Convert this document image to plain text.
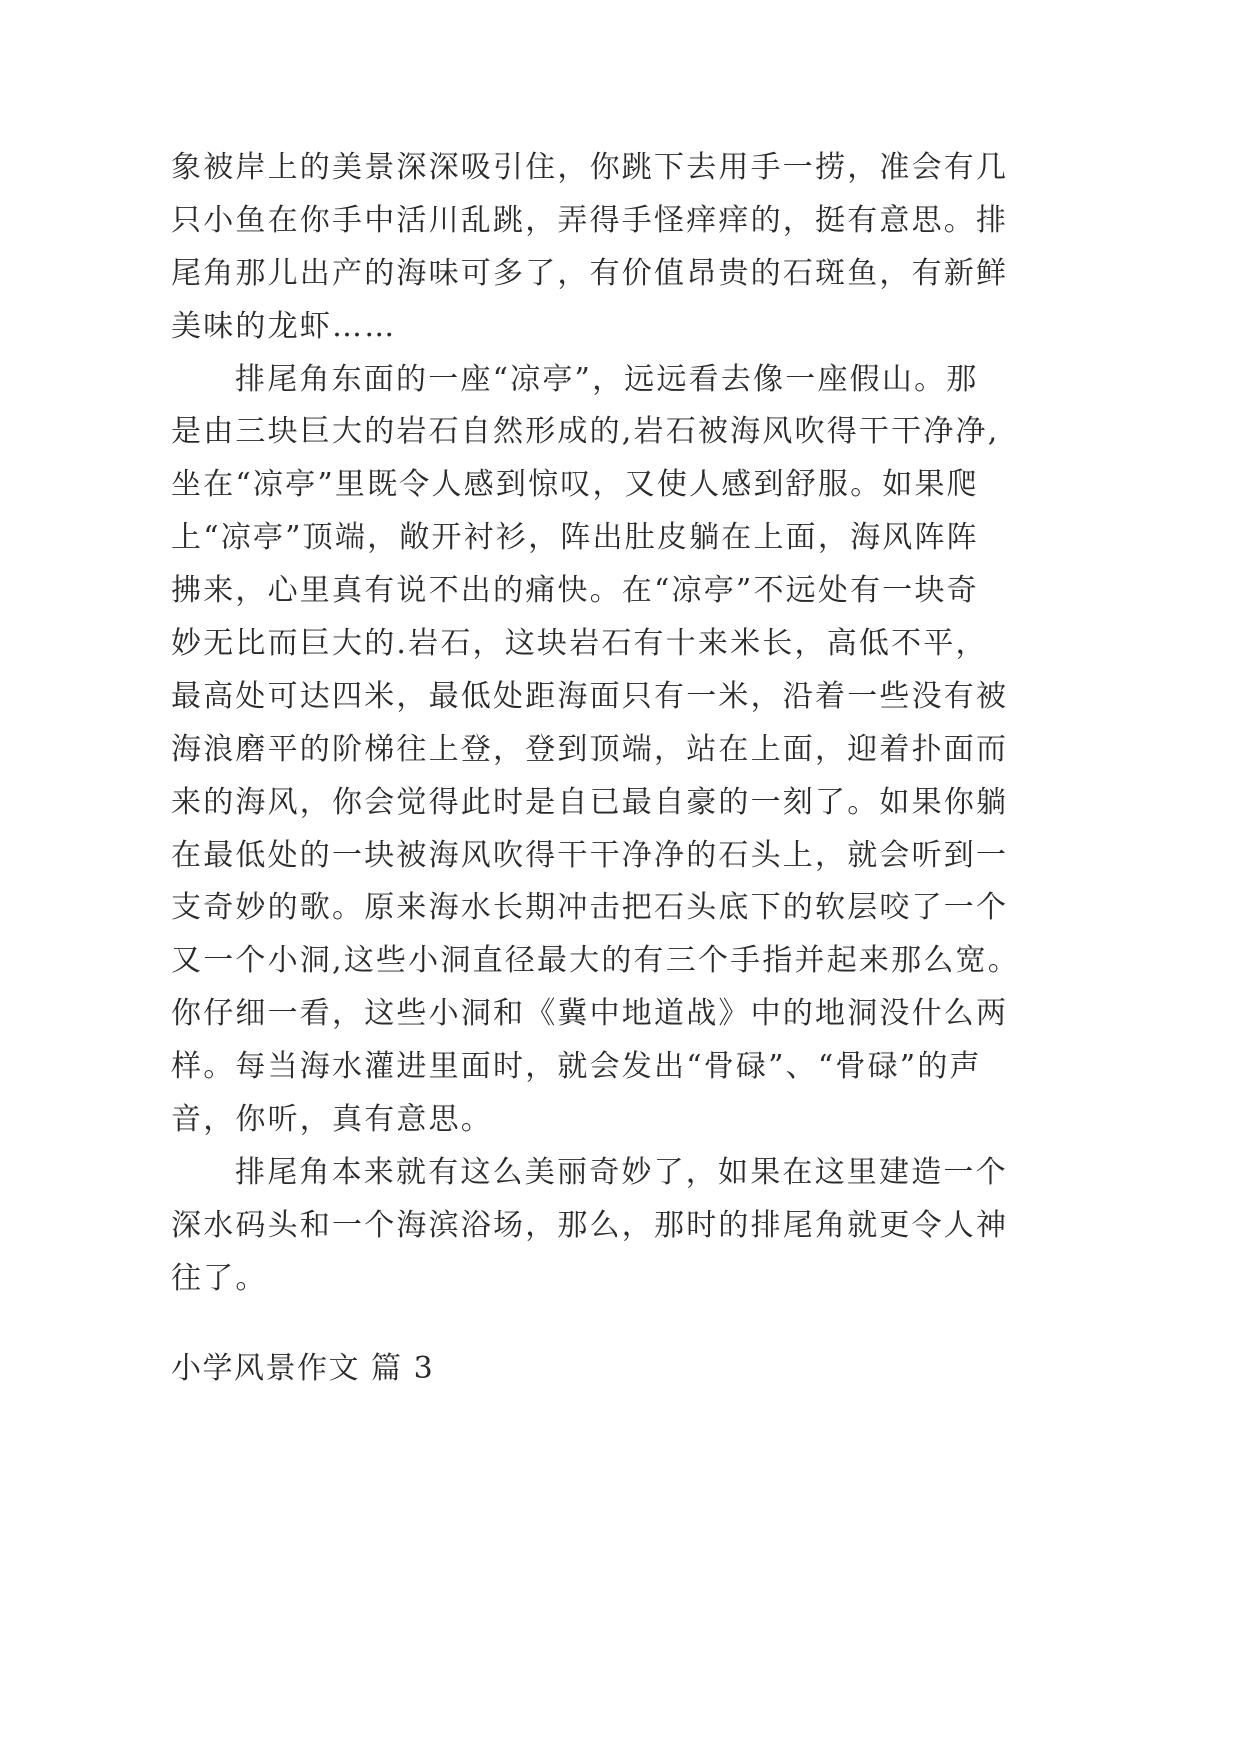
象被岸上的美景深深吸引住，你跳下去用手一捞，准会有几
只小鱼在你手中活川乱跳，弄得手怪痒痒的，挺有意思。排
尾角那儿出产的海味可多了，有价值昂贵的石斑鱼，有新鲜
美味的龙虾……
排尾角东面的一座“凉亭”，远远看去像一座假山。那
是由三块巨大的岩石自然形成的,岩石被海风吹得干干净净,
坐在“凉亭”里既令人感到惊叹，又使人感到舒服。如果爬
上“凉亭”顶端，敞开衬衫，阵出肚皮躺在上面，海风阵阵
拂来，心里真有说不出的痛快。在“凉亭”不远处有一块奇
妙无比而巨大的.岩石，这块岩石有十来米长，高低不平，
最高处可达四米，最低处距海面只有一米，沿着一些没有被
海浪磨平的阶梯往上登，登到顶端，站在上面，迎着扑面而
来的海风，你会觉得此时是自已最自豪的一刻了。如果你躺
在最低处的一块被海风吹得干干净净的石头上，就会听到一
支奇妙的歌。原来海水长期冲击把石头底下的软层咬了一个
又一个小洞,这些小洞直径最大的有三个手指并起来那么宽。
你仔细一看，这些小洞和《冀中地道战》中的地洞没什么两
样。每当海水灌进里面时，就会发出“骨碌”、“骨碌”的声
音，你听，真有意思。
排尾角本来就有这么美丽奇妙了，如果在这里建造一个
深水码头和一个海滨浴场，那么，那时的排尾角就更令人神
往了。
小学风景作文 篇 3
